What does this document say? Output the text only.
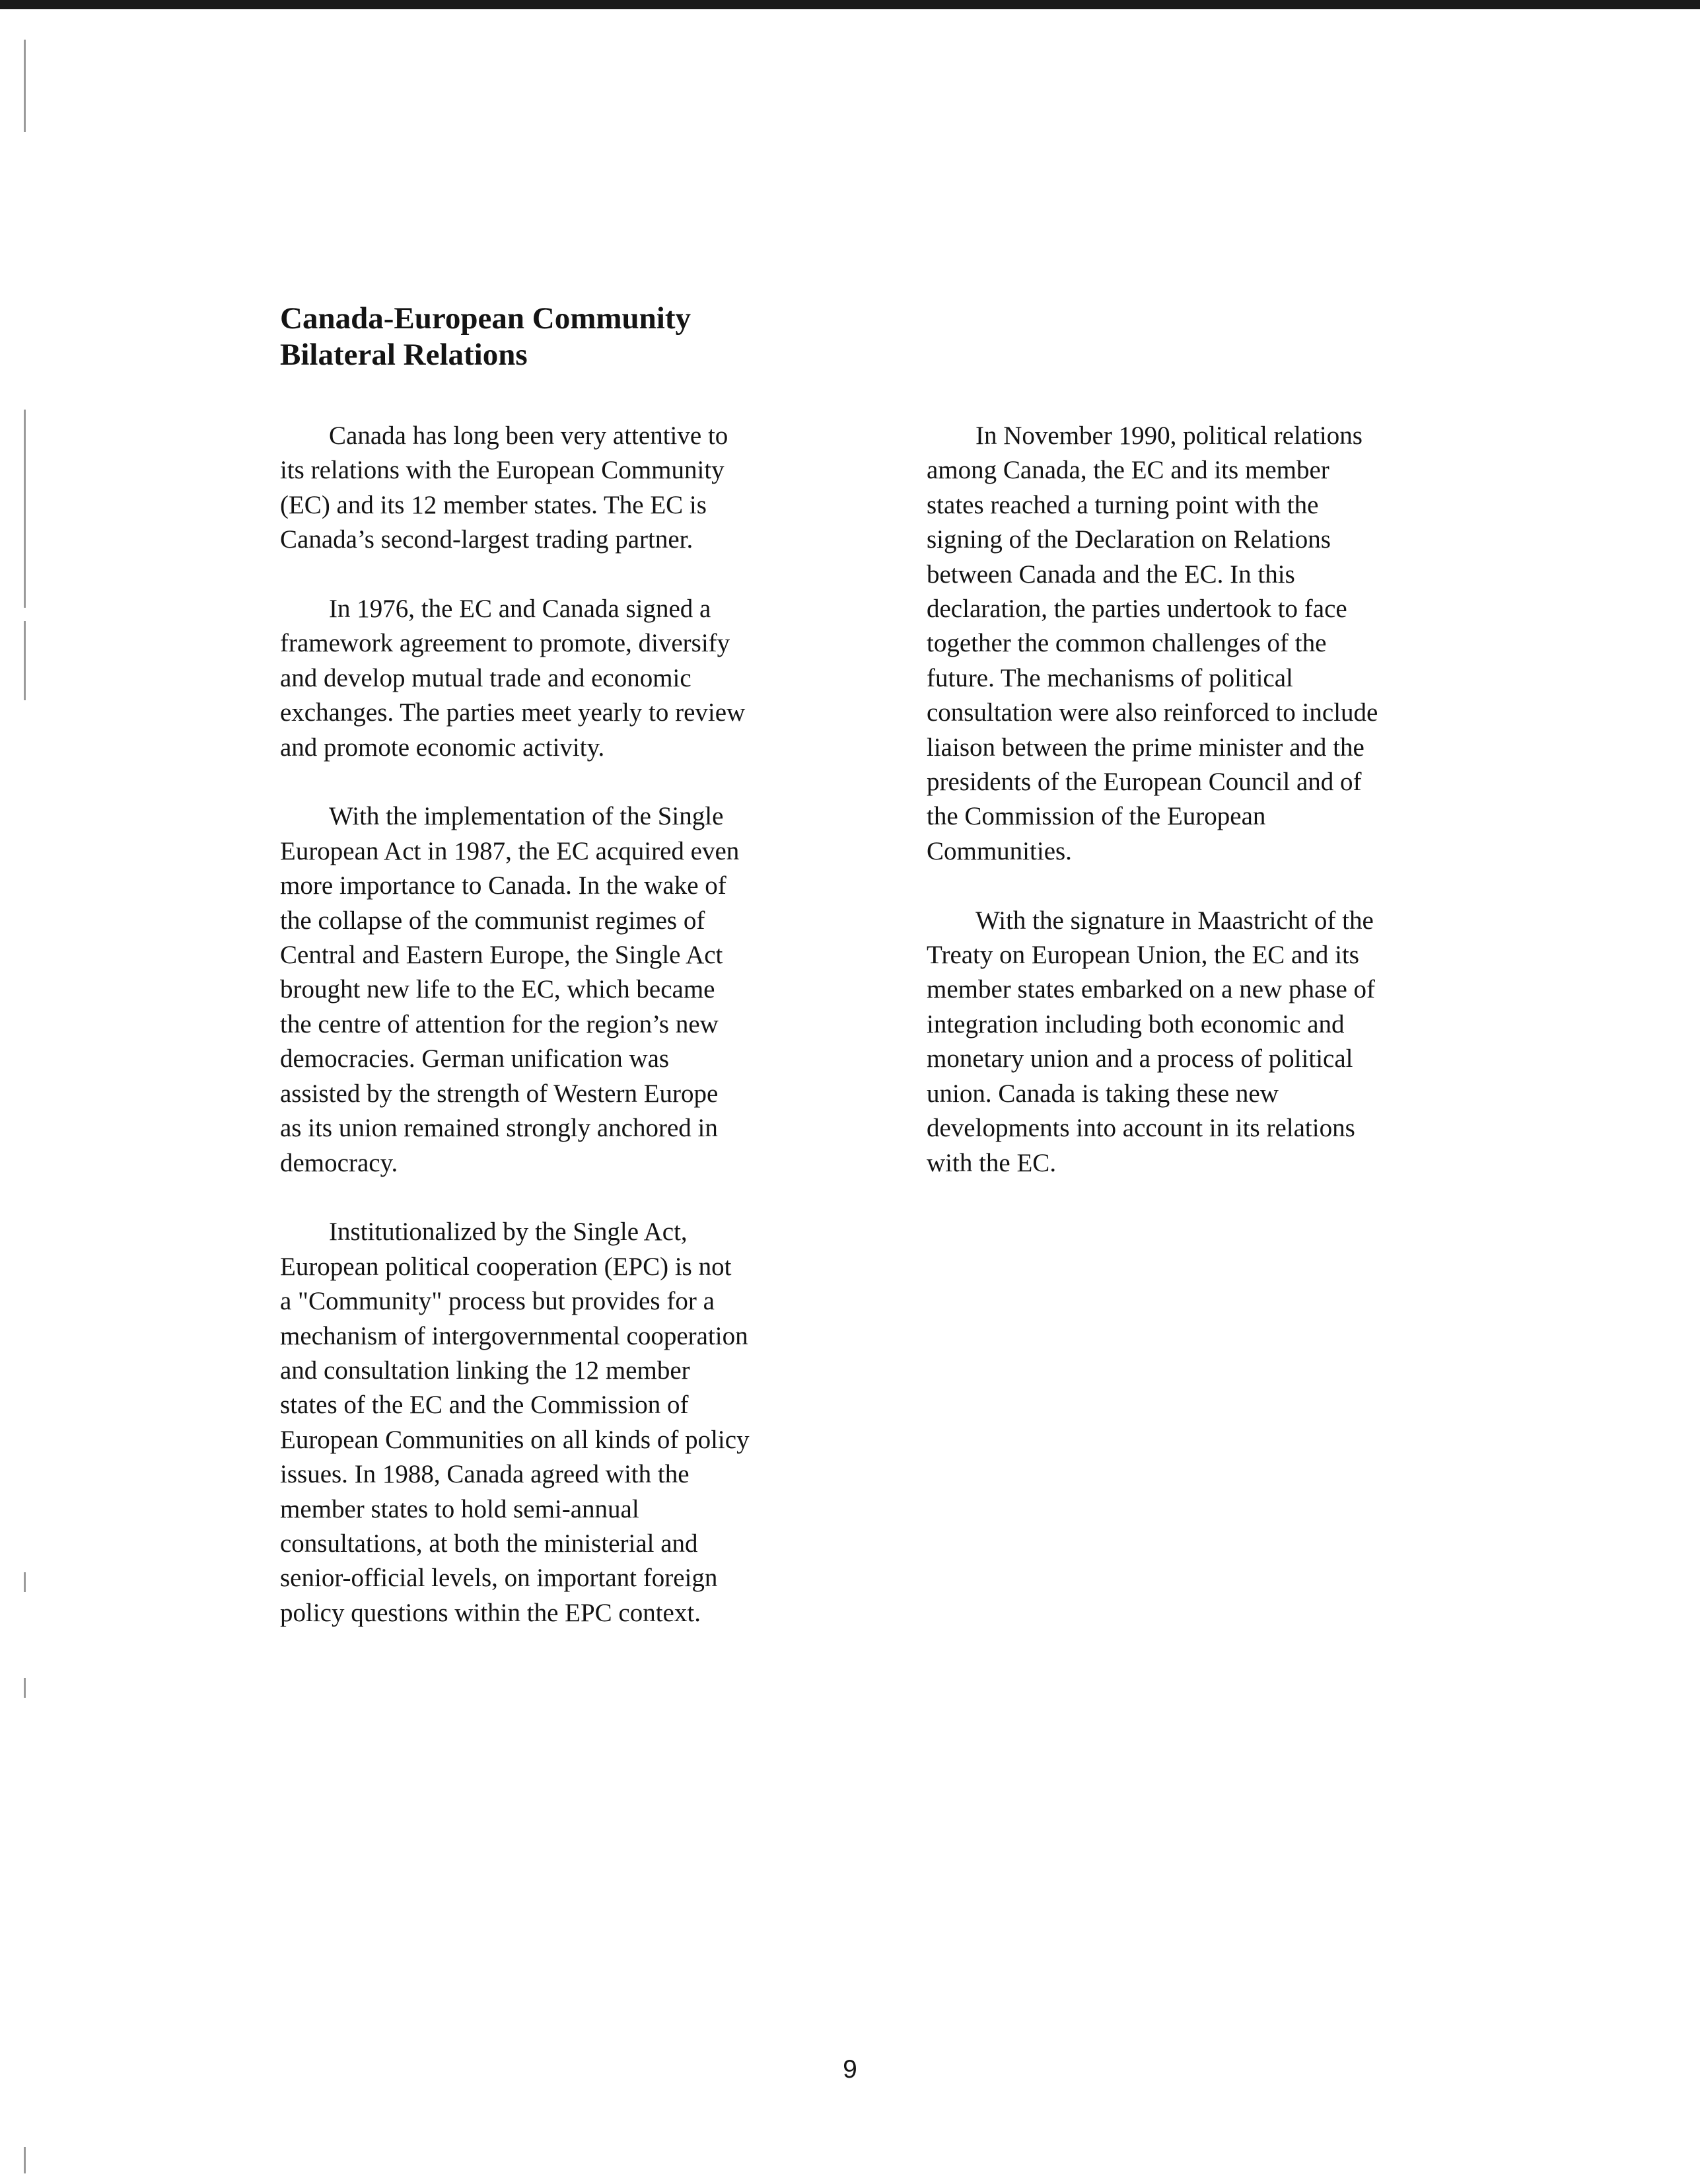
Canada-European Community
Bilateral Relations

Canada has long been very attentive to
its relations with the European Community
(EC) and its 12 member states. The EC is
Canada’s second-largest trading partner.

In 1976, the EC and Canada signed a
framework agreement to promote, diversify
and develop mutual trade and economic
exchanges. The parties meet yearly to review
and promote economic activity.

With the implementation of the Single
European Act in 1987, the EC acquired even
more importance to Canada. In the wake of
the collapse of the communist regimes of
Central and Eastern Europe, the Single Act
brought new life to the EC, which became
the centre of attention for the region’s new
democracies. German unification was
assisted by the strength of Western Europe
as its union remained strongly anchored in
democracy.

Institutionalized by the Single Act,
European political cooperation (EPC) is not
a "Community" process but provides for a
mechanism of intergovernmental cooperation
and consultation linking the 12 member
states of the EC and the Commission of
European Communities on all kinds of policy
issues. In 1988, Canada agreed with the
member states to hold semi-annual
consultations, at both the ministerial and
senior-official levels, on important foreign
policy questions within the EPC context.

In November 1990, political relations
among Canada, the EC and its member
states reached a turning point with the
signing of the Declaration on Relations
between Canada and the EC. In this
declaration, the parties undertook to face
together the common challenges of the
future. The mechanisms of political
consultation were also reinforced to include
liaison between the prime minister and the
presidents of the European Council and of
the Commission of the European
Communities.

With the signature in Maastricht of the
Treaty on European Union, the EC and its
member states embarked on a new phase of
integration including both economic and
monetary union and a process of political
union. Canada is taking these new
developments into account in its relations
with the EC.

9
